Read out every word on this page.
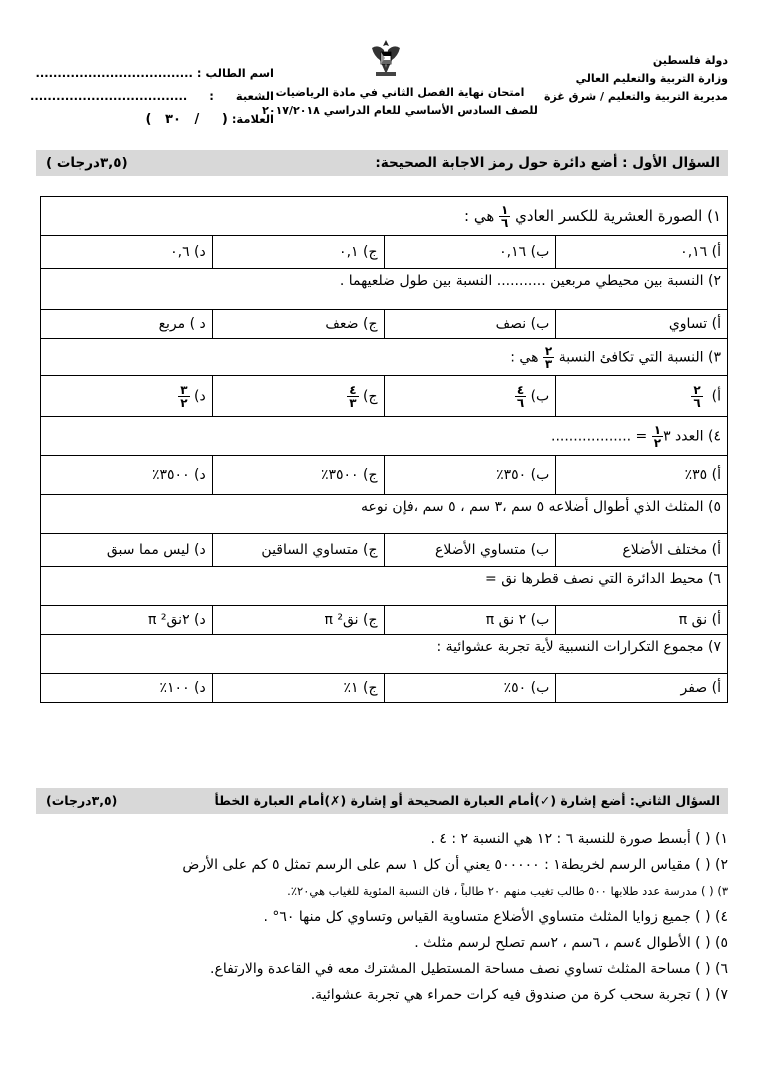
دولة فلسطين
وزارة التربية والتعليم العالي
مديرية التربية والتعليم / شرق غزة
امتحان نهاية الفصل الثاني في مادة الرياضيات
للصف السادس الأساسي للعام الدراسي ٢٠١٧/٢٠١٨
اسم الطالب : ....................................
الشعبة : ....................................
العلامة: (     /   ٣٠   )
السؤال الأول : أضع دائرة حول رمز الاجابة الصحيحة:
(٣,٥درجات )
١) الصورة العشرية للكسر العادي
$\frac{١}{٦}$
هي :			
أ) ٠,١٦	ب) ٠,١٦	ج) ٠,١	د) ٠,٦
٢) النسبة بين محيطي مربعين ........... النسبة بين طول ضلعيهما .			
أ) تساوي	ب) نصف	ج) ضعف	د ) مربع
٣) النسبة التي تكافئ النسبة
$\frac{٢}{٣}$
هي :			
أ)
$\frac{٢}{٦}$	ب)
$\frac{٤}{٦}$	ج)
$\frac{٤}{٣}$	د)
$\frac{٣}{٢}$

٤) العدد ٣
$\frac{١}{٢}$
= ..................			
أ) ٣٥٪	ب) ٣٥٠٪	ج) ٣٥٠٠٪	د) ٣٥٠٠٪
٥) المثلث الذي أطوال أضلاعه ٥ سم ،٣ سم ، ٥ سم ،فإن نوعه			
أ) مختلف الأضلاع	ب) متساوي الأضلاع	ج) متساوي الساقين	د) ليس مما سبق
٦) محيط الدائرة التي نصف قطرها نق =			
أ) نق π	ب) ٢ نق π	ج) نق² π	د) ٢نق² π
٧) مجموع التكرارات النسبية لأية تجربة عشوائية :			
أ) صفر	ب) ٥٠٪	ج) ١٪	د) ١٠٠٪
السؤال الثاني: أضع إشارة (✓)أمام العبارة الصحيحة أو إشارة (✗)أمام العبارة الخطأ
(٣,٥درجات)
١) ( ) أبسط صورة للنسبة ٦ : ١٢ هي النسبة ٢ : ٤ .
٢) ( ) مقياس الرسم لخريطة١ : ٥٠٠٠٠٠ يعني أن كل ١ سم على الرسم تمثل ٥ كم على الأرض
٣) ( ) مدرسة عدد طلابها ٥٠٠ طالب تغيب منهم ٢٠ طالباً ، فان النسبة المئوية للغياب هي٢٠٪.
٤) ( ) جميع زوايا المثلث متساوي الأضلاع متساوية القياس وتساوي كل منها ٦٠° .
٥) ( ) الأطوال ٤سم ، ٦سم ، ٢سم تصلح لرسم مثلث .
٦) ( ) مساحة المثلث تساوي نصف مساحة المستطيل المشترك معه في القاعدة والارتفاع.
٧) ( ) تجربة سحب كرة من صندوق فيه كرات حمراء هي تجربة عشوائية.
